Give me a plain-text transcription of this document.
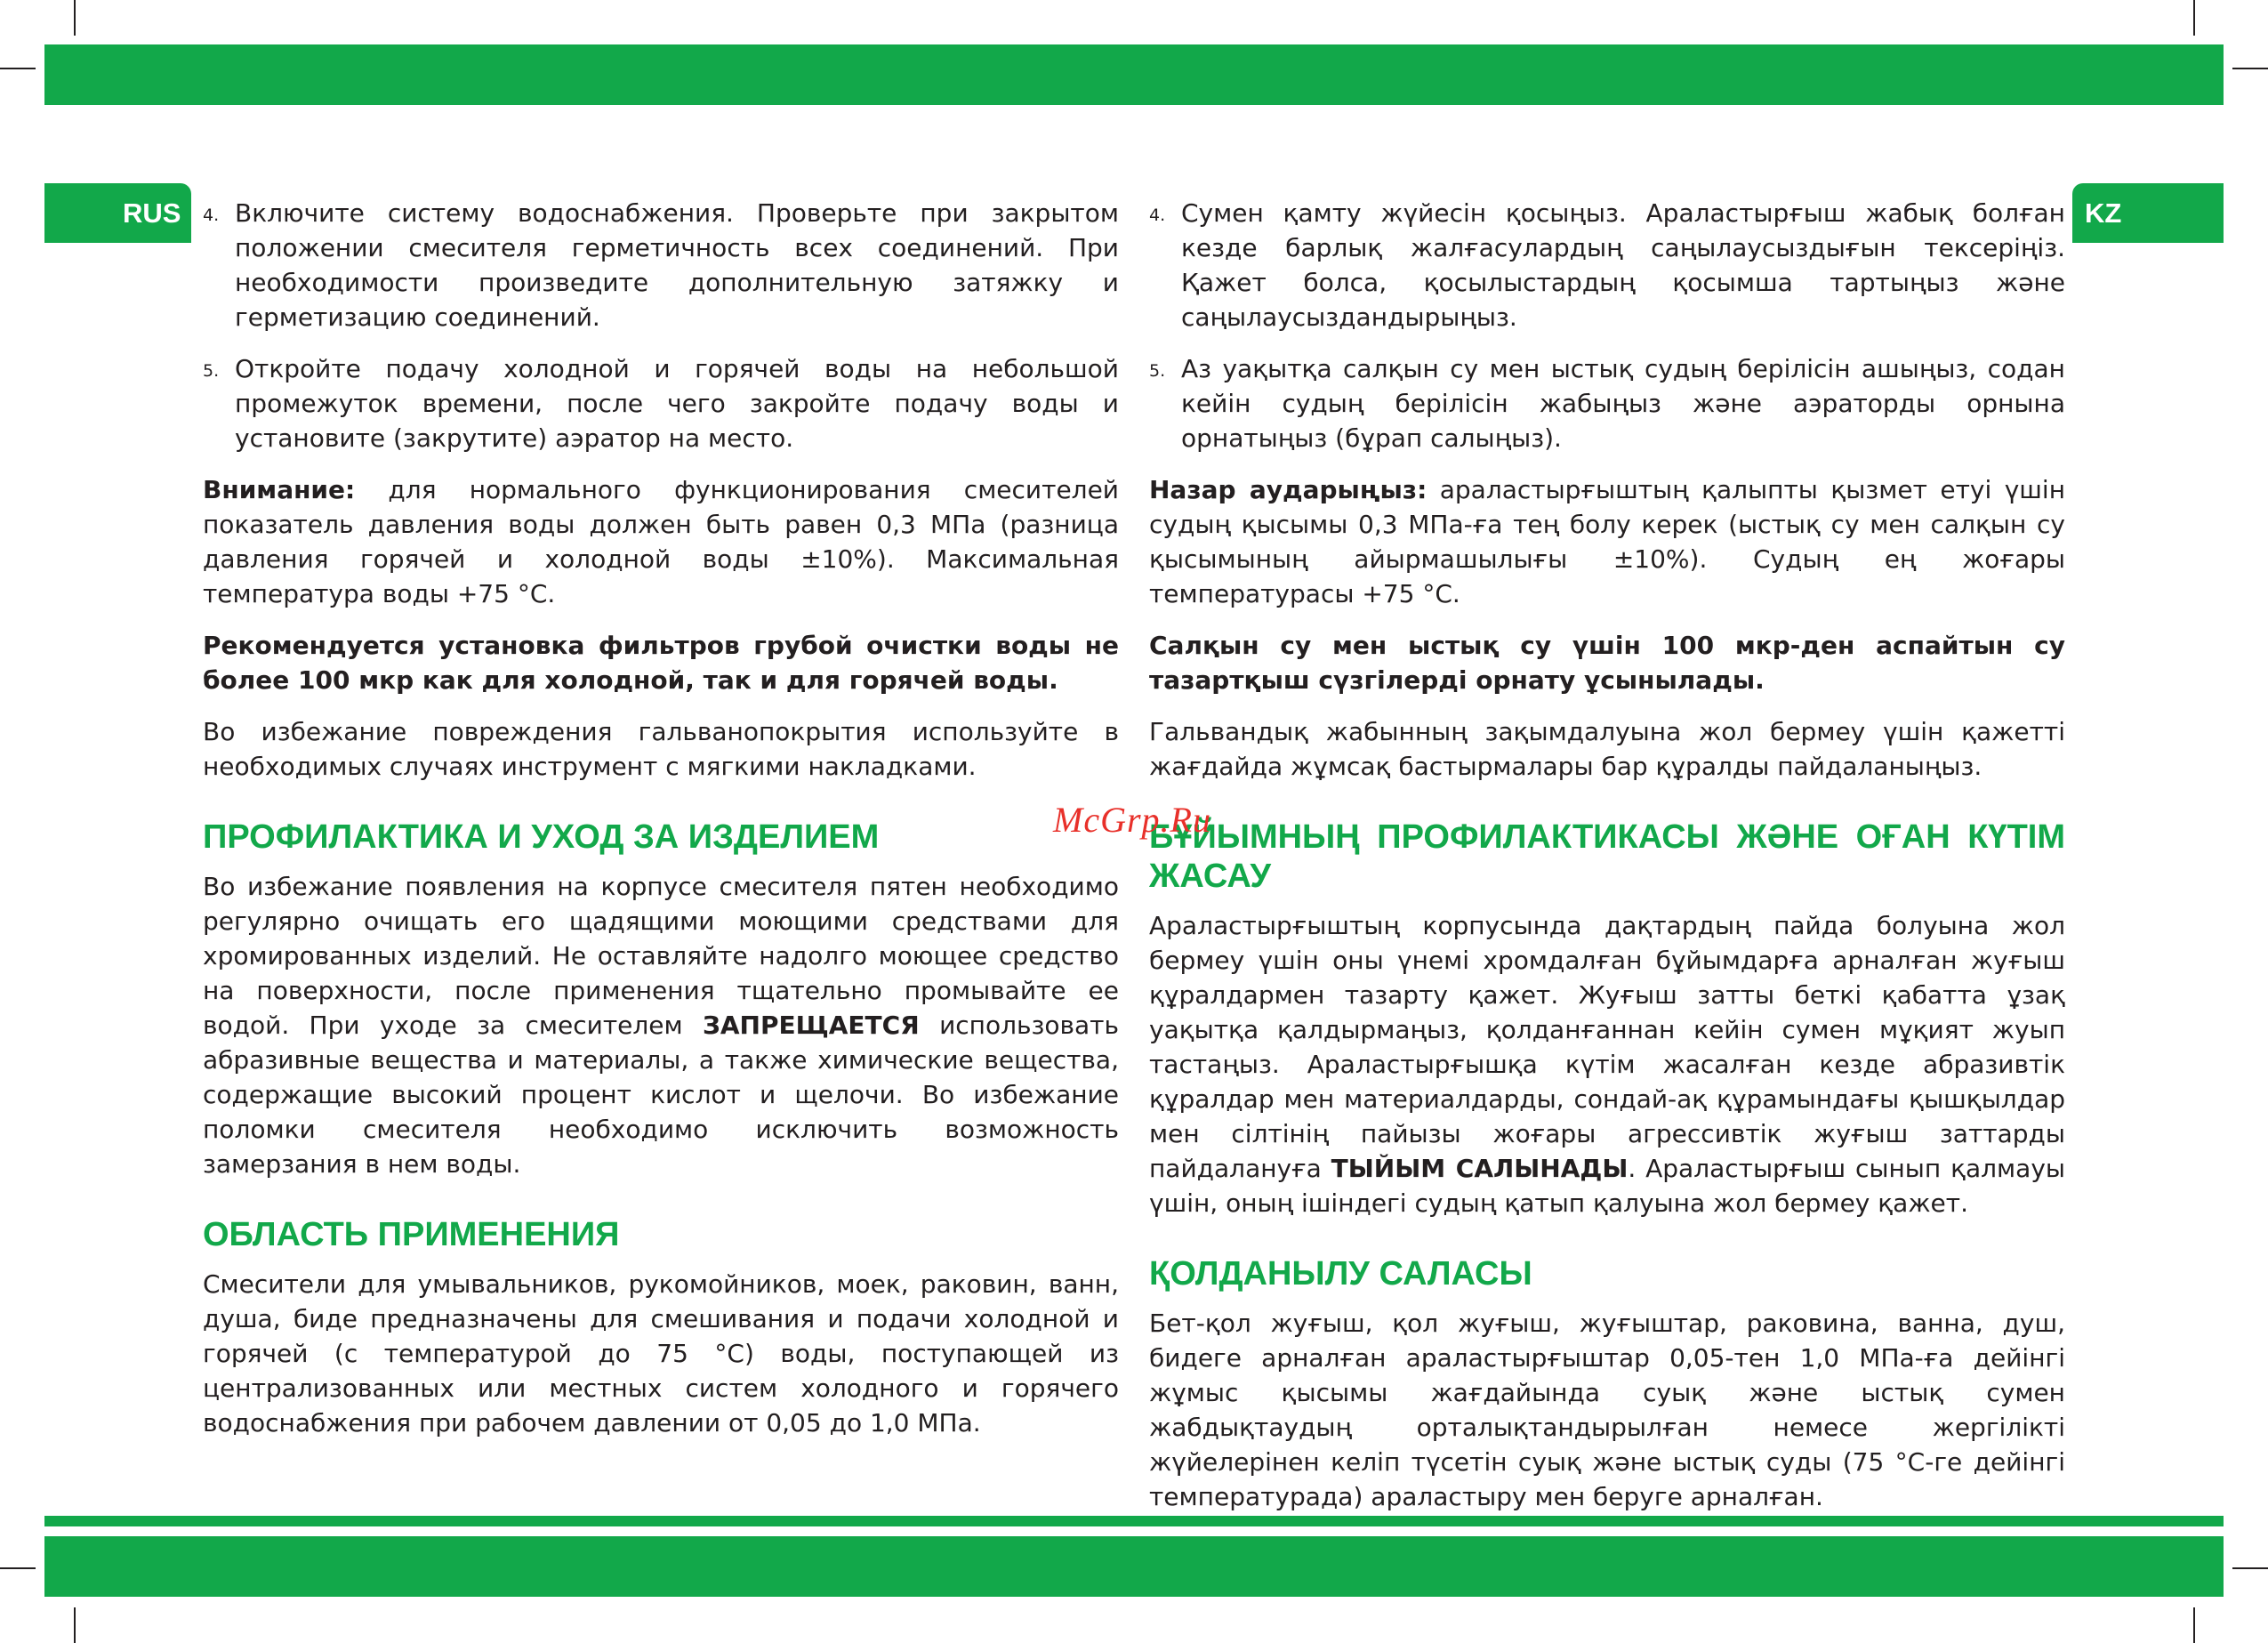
RUS	KZ
4. Включите систему водоснабжения. Проверьте при закрытом положении смесителя герметичность всех соединений. При необходимости произведите дополнительную затяжку и герметизацию соединений.
5. Откройте подачу холодной и горячей воды на небольшой промежуток времени, после чего закройте подачу воды и установите (закрутите) аэратор на место.
Внимание: для нормального функционирования смесителей показатель давления воды должен быть равен 0,3 МПа (разница давления горячей и холодной воды ±10%). Максимальная температура воды +75 °С.
Рекомендуется установка фильтров грубой очистки воды не более 100 мкр как для холодной, так и для горячей воды.
Во избежание повреждения гальванопокрытия используйте в необходимых случаях инструмент с мягкими накладками.
ПРОФИЛАКТИКА И УХОД ЗА ИЗДЕЛИЕМ
Во избежание появления на корпусе смесителя пятен необходимо регулярно очищать его щадящими моющими средствами для хромированных изделий. Не оставляйте надолго моющее средство на поверхности, после применения тщательно промывайте ее водой. При уходе за смесителем ЗАПРЕЩАЕТСЯ использовать абразивные вещества и материалы, а также химические вещества, содержащие высокий процент кислот и щелочи. Во избежание поломки смесителя необходимо исключить возможность замерзания в нем воды.
ОБЛАСТЬ ПРИМЕНЕНИЯ
Смесители для умывальников, рукомойников, моек, раковин, ванн, душа, биде предназначены для смешивания и подачи холодной и горячей (с температурой до 75 °С) воды, поступающей из централизованных или местных систем холодного и горячего водоснабжения при рабочем давлении от 0,05 до 1,0 МПа.
4. Сумен қамту жүйесін қосыңыз. Араластырғыш жабық болған кезде барлық жалғасулардың саңылаусыздығын тексеріңіз. Қажет болса, қосылыстардың қосымша тартыңыз және саңылаусыздандырыңыз.
5. Аз уақытқа салқын су мен ыстық судың берілісін ашыңыз, содан кейін судың берілісін жабыңыз және аэраторды орнына орнатыңыз (бұрап салыңыз).
Назар аударыңыз: араластырғыштың қалыпты қызмет етуі үшін судың қысымы 0,3 МПа-ға тең болу керек (ыстық су мен салқын су қысымының айырмашылығы ±10%). Судың ең жоғары температурасы +75 °С.
Салқын су мен ыстық су үшін 100 мкр-ден аспайтын су тазартқыш сүзгілерді орнату ұсынылады.
Гальвандық жабынның зақымдалуына жол бермеу үшін қажетті жағдайда жұмсақ бастырмалары бар құралды пайдаланыңыз.
БҰЙЫМНЫҢ ПРОФИЛАКТИКАСЫ ЖӘНЕ ОҒАН КҮТІМ ЖАСАУ
Араластырғыштың корпусында дақтардың пайда болуына жол бермеу үшін оны үнемі хромдалған бұйымдарға арналған жуғыш құралдармен тазарту қажет. Жуғыш затты беткі қабатта ұзақ уақытқа қалдырмаңыз, қолданғаннан кейін сумен мұқият жуып тастаңыз. Араластырғышқа күтім жасалған кезде абразивтік құралдар мен материалдарды, сондай-ақ құрамындағы қышқылдар мен сілтінің пайызы жоғары агрессивтік жуғыш заттарды пайдалануға ТЫЙЫМ САЛЫНАДЫ. Араластырғыш сынып қалмауы үшін, оның ішіндегі судың қатып қалуына жол бермеу қажет.
ҚОЛДАНЫЛУ САЛАСЫ
Бет-қол жуғыш, қол жуғыш, жуғыштар, раковина, ванна, душ, бидеге арналған араластырғыштар 0,05-тен 1,0 МПа-ға дейінгі жұмыс қысымы жағдайында суық және ыстық сумен жабдықтаудың орталықтандырылған немесе жергілікті жүйелерінен келіп түсетін суық және ыстық суды (75 °С-ге дейінгі температурада) араластыру мен беруге арналған.
McGrp.Ru
